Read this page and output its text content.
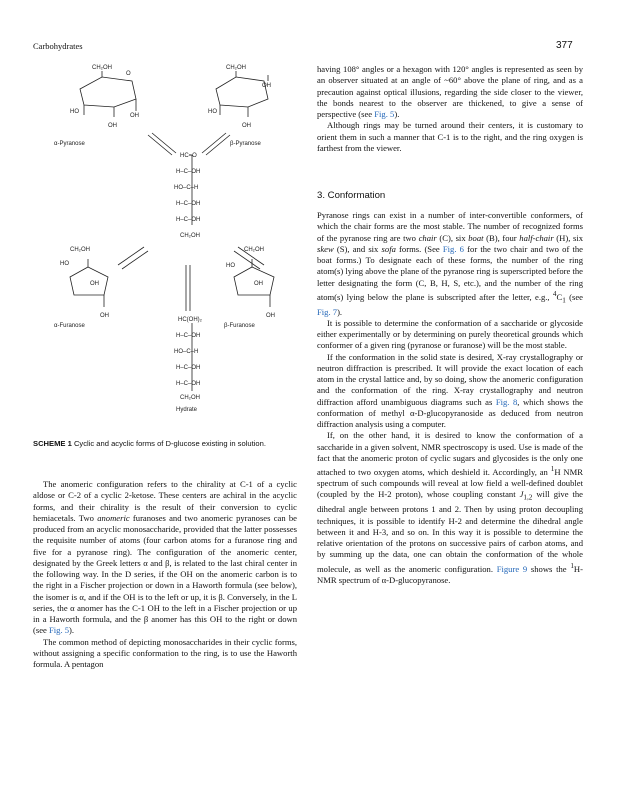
Carbohydrates	377
CH₂OH
O
HO
OH
OH
CH₂OH
OH
HO
OH
α-Pyranose	β-Pyranose
HC=O
H–C–OH
HO–C–H
H–C–OH
H–C–OH
CH₂OH
CH₂OH
HO
OH
OH
α-Furanose
CH₂OH
HO
OH
OH
β-Furanose
HC(OH)₂
H–C–OH
HO–C–H
H–C–OH
H–C–OH
CH₂OH
Hydrate
SCHEME 1 Cyclic and acyclic forms of D-glucose existing in solution.

The anomeric configuration refers to the chirality at C-1 of a cyclic aldose or C-2 of a cyclic 2-ketose. These centers are achiral in the acyclic forms, and their chirality is the result of their conversion to cyclic hemiacetals. Two anomeric furanoses and two anomeric pyranoses can be produced from an acyclic monosaccharide, provided that the latter possesses the requisite number of atoms (four carbon atoms for a furanose ring and five for a pyranose ring). The configuration of the anomeric center, designated by the Greek letters α and β, is related to the last chiral center in the following way. In the D series, if the OH on the anomeric carbon is to the right in a Fischer projection or down in a Haworth formula (see below), the isomer is α, and if the OH is to the left or up, it is β. Conversely, in the L series, the α anomer has the C-1 OH to the left in a Fischer projection or up in a Haworth formula, and the β anomer has this OH to the right or down (see Fig. 5).

The common method of depicting monosaccharides in their cyclic forms, without assigning a specific conformation to the ring, is to use the Haworth formula. A pentagon

having 108° angles or a hexagon with 120° angles is represented as seen by an observer situated at an angle of ~60° above the plane of ring, and as a precaution against optical illusions, regarding the side closer to the viewer, the bonds nearest to the observer are thickened, to give a sense of perspective (see Fig. 5).

Although rings may be turned around their centers, it is customary to orient them in such a manner that C-1 is to the right, and the ring oxygen is farthest from the viewer.

3. Conformation

Pyranose rings can exist in a number of inter-convertible conformers, of which the chair forms are the most stable. The number of recognized forms of the pyranose ring are two chair (C), six boat (B), four half-chair (H), six skew (S), and six sofa forms. (See Fig. 6 for the two chair and two of the boat forms.) To designate each of these forms, the number of the ring atom(s) lying above the plane of the pyranose ring is superscripted before the letter designating the form (C, B, H, S, etc.), and the number of the ring atom(s) lying below the plane is subscripted after the letter, e.g., $^4C_1$ (see Fig. 7).

It is possible to determine the conformation of a saccharide or glycoside either experimentally or by determining on purely theoretical grounds which conformer of a given ring (pyranose or furanose) will be the most stable.

If the conformation in the solid state is desired, X-ray crystallography or neutron diffraction is prescribed. It will provide the exact location of each atom in the crystal lattice and, by so doing, show the anomeric configuration and the conformation of the ring. X-ray crystallography and neutron diffraction afford unambiguous diagrams such as Fig. 8, which shows the conformation of methyl α-D-glucopyranoside as deduced from neutron diffraction analysis using a computer.

If, on the other hand, it is desired to know the conformation of a saccharide in a given solvent, NMR spectroscopy is used. Use is made of the fact that the anomeric proton of cyclic sugars and glycosides is the only one attached to two oxygen atoms, which deshield it. Accordingly, an $^1$H NMR spectrum of such compounds will reveal at low field a well-defined doublet (coupled by the H-2 proton), whose coupling constant $J_{1,2}$ will give the dihedral angle between protons 1 and 2. Then by using proton decoupling techniques, it is possible to identify H-2 and determine the dihedral angle between it and H-3, and so on. In this way it is possible to determine the relative orientation of the protons on successive pairs of carbon atoms, and by summing up the data, one can obtain the conformation of the whole molecule, as well as the anomeric configuration. Figure 9 shows the $^1$H-NMR spectrum of α-D-glucopyranose.
